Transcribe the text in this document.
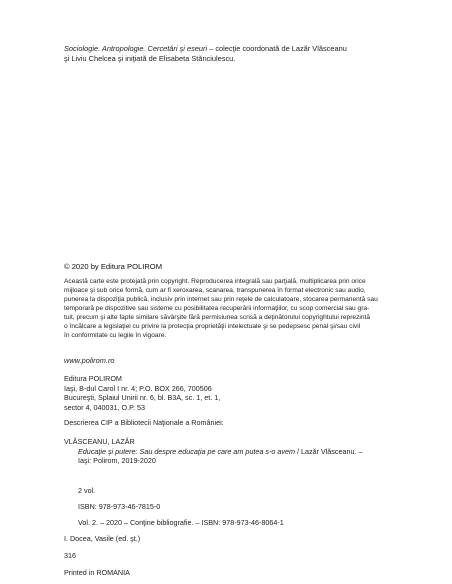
Sociologie. Antropologie. Cercetări şi eseuri – colecţie coordonată de Lazăr Vlăsceanu
şi Liviu Chelcea şi iniţiată de Elisabeta Stănciulescu.
© 2020 by Editura POLIROM
Această carte este protejată prin copyright. Reproducerea integrală sau parţială, multiplicarea prin orice
mijloace şi sub orice formă, cum ar fi xeroxarea, scanarea, transpunerea în format electronic sau audio,
punerea la dispoziţia publică, inclusiv prin internet sau prin reţele de calculatoare, stocarea permanentă sau
temporară pe dispozitive sau sisteme cu posibilitatea recuperării informaţiilor, cu scop comercial sau gra-
tuit, precum şi alte fapte similare săvârşite fără permisiunea scrisă a deţinătorului copyrightului reprezintă
o încălcare a legislaţiei cu privire la protecţia proprietăţii intelectuale şi se pedepsesc penal şi/sau civil
în conformitate cu legile în vigoare.
www.polirom.ro
Editura POLIROM
Iaşi, B-dul Carol I nr. 4; P.O. BOX 266, 700506
Bucureşti, Splaiul Unirii nr. 6, bl. B3A, sc. 1, et. 1,
sector 4, 040031, O.P. 53
Descrierea CIP a Bibliotecii Naţionale a României:
VLĂSCEANU, LAZĂR
Educaţie şi putere: Sau despre educaţia pe care am putea s-o avem / Lazăr Vlăsceanu. –
Iaşi: Polirom, 2019-2020
2 vol.
ISBN: 978-973-46-7815-0
Vol. 2. – 2020 – Conţine bibliografie. – ISBN: 978-973-46-8064-1
I. Docea, Vasile (ed. şt.)
316
Printed in ROMANIA
